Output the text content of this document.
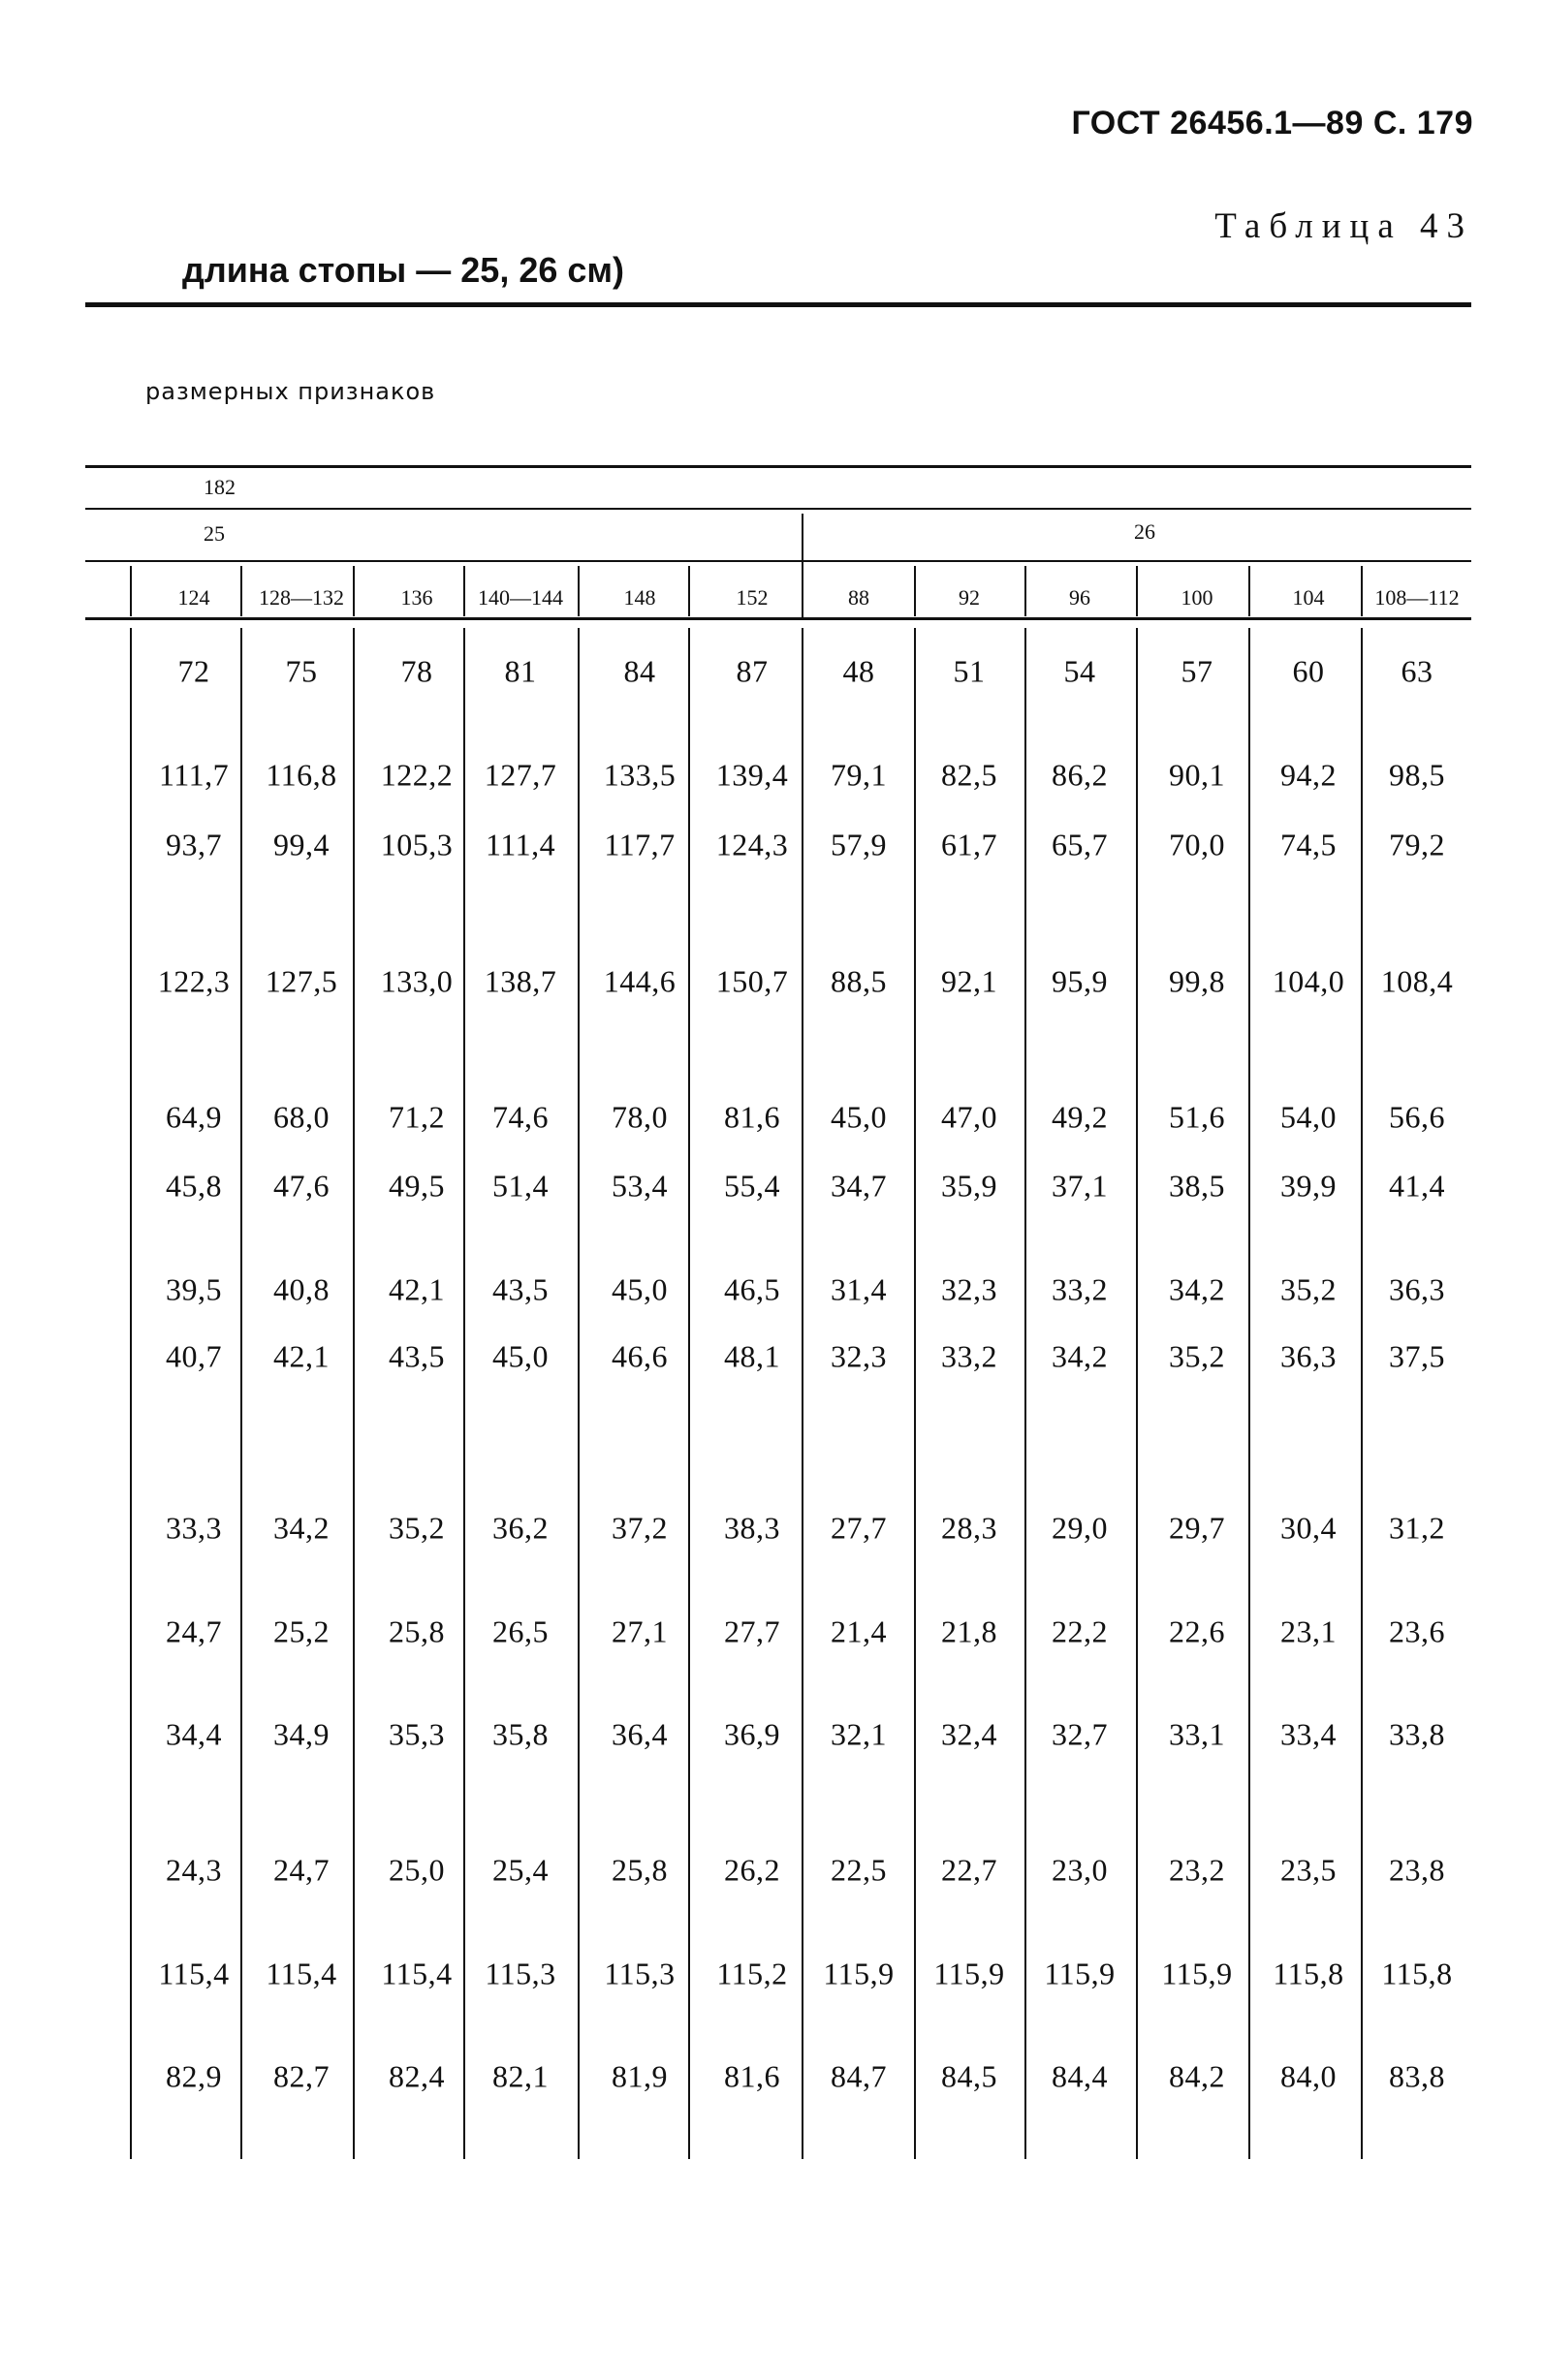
ГОСТ 26456.1—89 С. 179
Таблица 43
длина стопы — 25, 26 см)
размерных признаков
182
25	26
124 128—132	136 140—144	148	152	88	92	96	100	104 108—112
72 75	78 81	84	87 48	51	54	57	60 63
111,7 116,8 122,2 127,7 133,5 139,4 79,1 82,5 86,2 90,1 94,2 98,5
93,7 99,4 105,3 111,4 117,7 124,3 57,9 61,7 65,7 70,0 74,5 79,2
122,3 127,5 133,0 138,7 144,6 150,7 88,5 92,1 95,9 99,8 104,0 108,4
64,9 68,0 71,2 74,6 78,0 81,6 45,0 47,0 49,2 51,6 54,0 56,6
45,8 47,6 49,5 51,4 53,4 55,4 34,7 35,9 37,1 38,5 39,9 41,4
39,5 40,8 42,1 43,5 45,0 46,5 31,4 32,3 33,2 34,2 35,2 36,3
40,7 42,1 43,5 45,0 46,6 48,1 32,3 33,2 34,2 35,2 36,3 37,5
33,3 34,2 35,2 36,2 37,2 38,3 27,7 28,3 29,0 29,7 30,4 31,2
24,7 25,2 25,8 26,5 27,1 27,7 21,4 21,8 22,2 22,6 23,1 23,6
34,4 34,9 35,3 35,8 36,4 36,9 32,1 32,4 32,7 33,1 33,4 33,8
24,3 24,7 25,0 25,4 25,8 26,2 22,5 22,7 23,0 23,2 23,5 23,8
115,4 115,4 115,4 115,3 115,3 115,2 115,9 115,9 115,9 115,9 115,8 115,8
82,9 82,7 82,4 82,1 81,9 81,6 84,7 84,5 84,4 84,2 84,0 83,8
